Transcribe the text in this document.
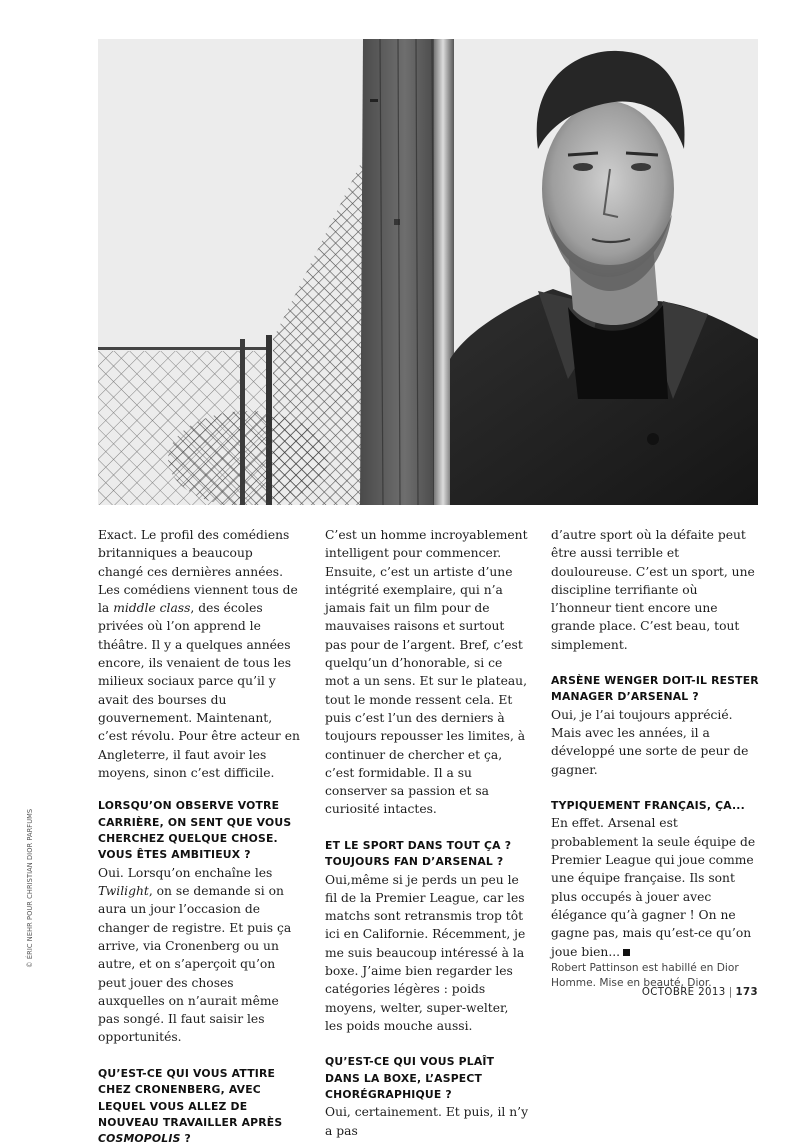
Exact. Le profil des comédiens britanniques a beaucoup changé ces dernières années. Les comédiens viennent tous de la middle class, des écoles privées où l’on apprend le théâtre. Il y a quelques années encore, ils venaient de tous les milieux sociaux parce qu’il y avait des bourses du gouvernement. Maintenant, c’est révolu. Pour être acteur en Angleterre, il faut avoir les moyens, sinon c’est difficile.

LORSQU’ON OBSERVE VOTRE CARRIÈRE, ON SENT QUE VOUS CHERCHEZ QUELQUE CHOSE. VOUS ÊTES AMBITIEUX ?

Oui. Lorsqu’on enchaîne les Twilight, on se demande si on aura un jour l’occasion de changer de registre. Et puis ça arrive, via Cronenberg ou un autre, et on s’aperçoit qu’on peut jouer des choses auxquelles on n’aurait même pas songé. Il faut saisir les opportunités.

QU’EST-CE QUI VOUS ATTIRE CHEZ CRONENBERG, AVEC LEQUEL VOUS ALLEZ DE NOUVEAU TRAVAILLER APRÈS COSMOPOLIS ?

C’est un homme incroyablement intelligent pour commencer. Ensuite, c’est un artiste d’une intégrité exemplaire, qui n’a jamais fait un film pour de mauvaises raisons et surtout pas pour de l’argent. Bref, c’est quelqu’un d’honorable, si ce mot a un sens. Et sur le plateau, tout le monde ressent cela. Et puis c’est l’un des derniers à toujours repousser les limites, à continuer de chercher et ça, c’est formidable. Il a su conserver sa passion et sa curiosité intactes.

ET LE SPORT DANS TOUT ÇA ? TOUJOURS FAN D’ARSENAL ?

Oui,même si je perds un peu le fil de la Premier League, car les matchs sont retransmis trop tôt ici en Californie. Récemment, je me suis beaucoup intéressé à la boxe. J’aime bien regarder les catégories légères : poids moyens, welter, super-welter, les poids mouche aussi.

QU’EST-CE QUI VOUS PLAÎT DANS LA BOXE, L’ASPECT CHORÉGRAPHIQUE ?

Oui, certainement. Et puis, il n’y a pas

d’autre sport où la défaite peut être aussi terrible et douloureuse. C’est un sport, une discipline terrifiante où l’honneur tient encore une grande place. C’est beau, tout simplement.

ARSÈNE WENGER DOIT-IL RESTER MANAGER D’ARSENAL ?

Oui, je l’ai toujours apprécié. Mais avec les années, il a développé une sorte de peur de gagner.

TYPIQUEMENT FRANÇAIS, ÇA...

En effet. Arsenal est probablement la seule équipe de Premier League qui joue comme une équipe française. Ils sont plus occupés à jouer avec élégance qu’à gagner ! On ne gagne pas, mais qu’est-ce qu’on joue bien...

Robert Pattinson est habillé en Dior Homme. Mise en beauté, Dior.

© ÉRIC NEHR POUR CHRISTIAN DIOR PARFUMS
OCTOBRE 2013 | 173
